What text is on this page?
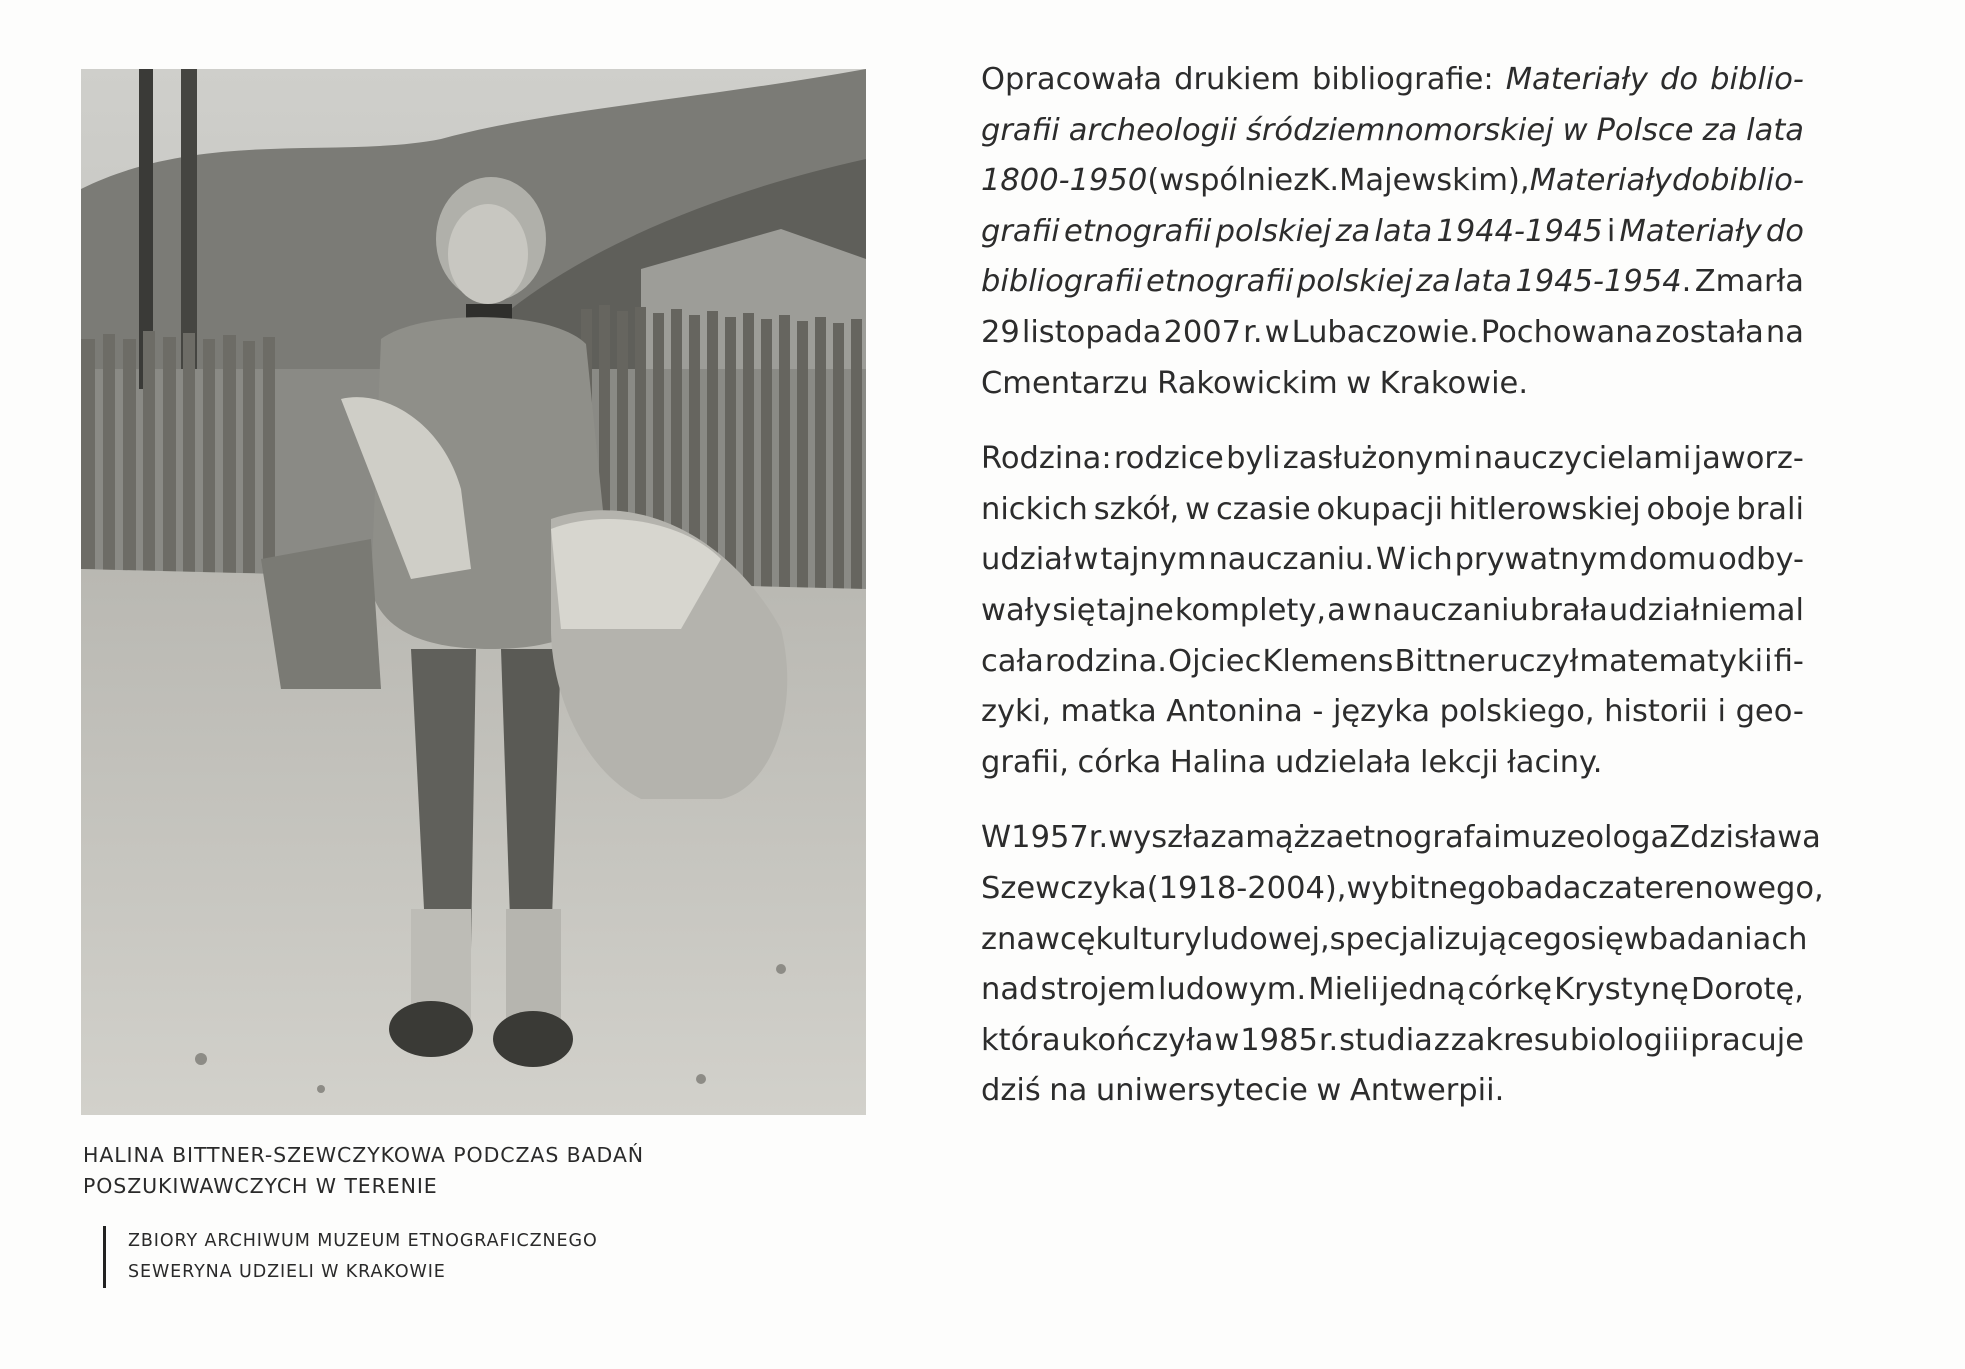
HALINA BITTNER-SZEWCZYKOWA PODCZAS BADAŃ
POSZUKIWAWCZYCH W TERENIE
ZBIORY ARCHIWUM MUZEUM ETNOGRAFICZNEGO
SEWERYNA UDZIELI W KRAKOWIE
Opracowała drukiem bibliografie: Materiały do biblio-
grafii archeologii śródziemnomorskiej w Polsce za lata
1800-1950 (wspólnie z K. Majewskim), Materiały do biblio-
grafii etnografii polskiej za lata 1944-1945 i Materiały do
bibliografii etnografii polskiej za lata 1945-1954. Zmarła
29 listopada 2007 r. w Lubaczowie. Pochowana została na
Cmentarzu Rakowickim w Krakowie.
Rodzina: rodzice byli zasłużonymi nauczycielami jaworz-
nickich szkół, w czasie okupacji hitlerowskiej oboje brali
udział w tajnym nauczaniu. W ich prywatnym domu odby-
wały się tajne komplety, a w nauczaniu brała udział niemal
cała rodzina. Ojciec Klemens Bittner uczył matematyki i fi-
zyki, matka Antonina - języka polskiego, historii i geo-
grafii, córka Halina udzielała lekcji łaciny.
W 1957 r. wyszła za mąż za etnografa i muzeologa Zdzisława
Szewczyka (1918-2004), wybitnego badacza terenowego,
znawcę kultury ludowej, specjalizującego się w badaniach
nad strojem ludowym. Mieli jedną córkę Krystynę Dorotę,
która ukończyła w 1985 r. studia z zakresu biologii i pracuje
dziś na uniwersytecie w Antwerpii.
